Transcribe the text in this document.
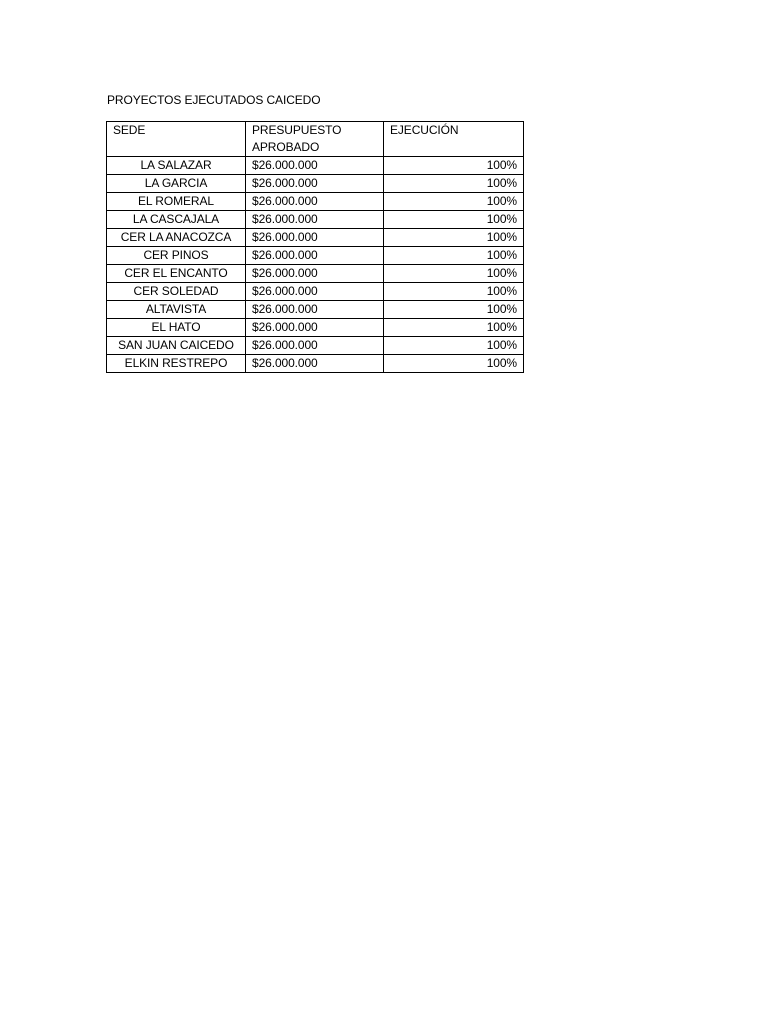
PROYECTOS EJECUTADOS CAICEDO
SEDE	PRESUPUESTO APROBADO	EJECUCIÓN
LA SALAZAR	$26.000.000	100%
LA GARCIA	$26.000.000	100%
EL ROMERAL	$26.000.000	100%
LA CASCAJALA	$26.000.000	100%
CER LA ANACOZCA	$26.000.000	100%
CER PINOS	$26.000.000	100%
CER EL ENCANTO	$26.000.000	100%
CER SOLEDAD	$26.000.000	100%
ALTAVISTA	$26.000.000	100%
EL HATO	$26.000.000	100%
SAN JUAN CAICEDO	$26.000.000	100%
ELKIN RESTREPO	$26.000.000	100%
